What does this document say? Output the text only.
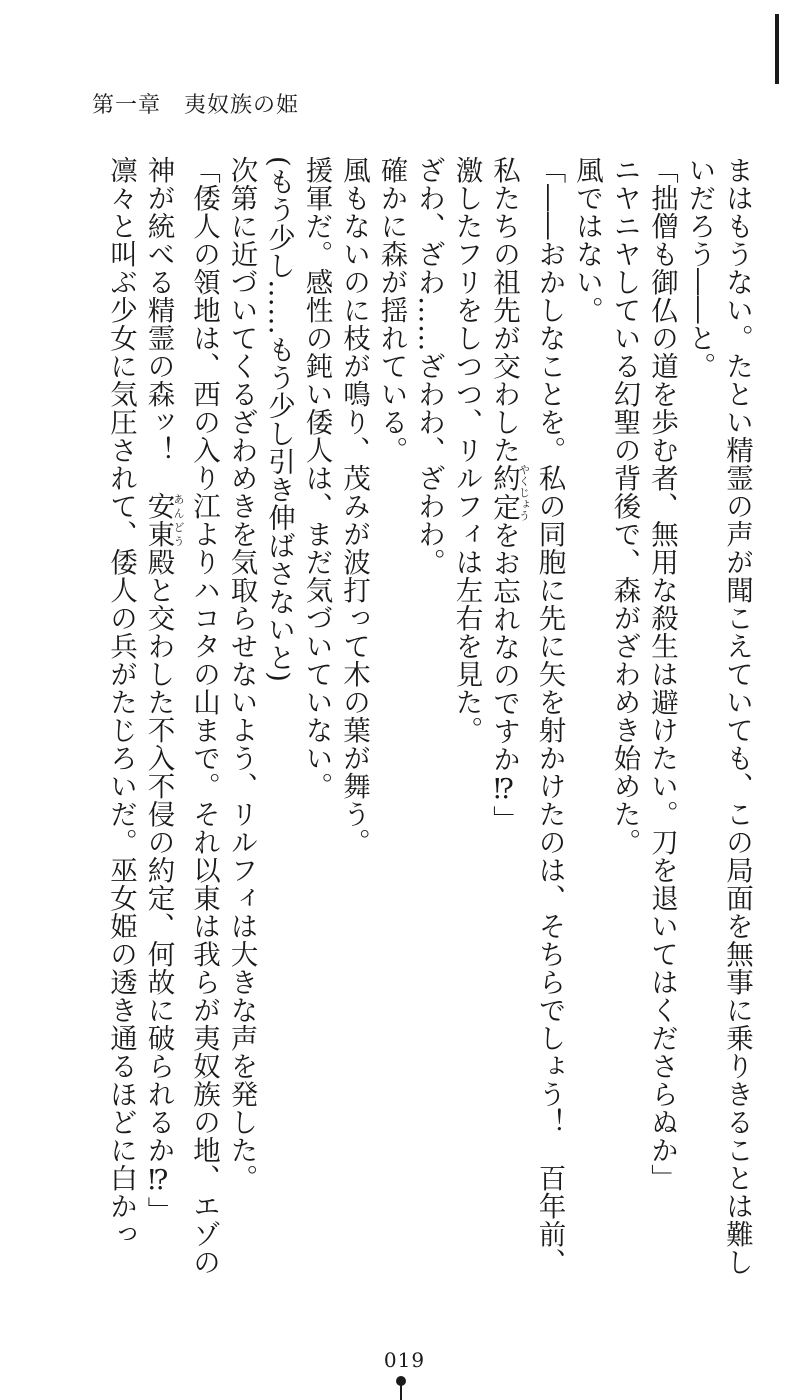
第一章　 夷奴族の姫

まはもうない。たとい精霊の声が聞こえていても、この局面を無事に乗りきることは難し

いだろう――と。

「拙僧も御仏の道を歩む者、無用な殺生は避けたい。刀を退いてはくださらぬか」

ニヤニヤしている幻聖の背後で、森がざわめき始めた。

風ではない。

「――おかしなことを。私の同胞に先に矢を射かけたのは、そちらでしょう！　百年前、

私たちの祖先が交わした約定やくじょうをお忘れなのですか⁉」

激したフリをしつつ、リルフィは左右を見た。

ざわ、ざわ……ざわわ、ざわわ。

確かに森が揺れている。

風もないのに枝が鳴り、茂みが波打って木の葉が舞う。

援軍だ。感性の鈍い倭人は、まだ気づいていない。

(もう少し……もう少し引き伸ばさないと)

次第に近づいてくるざわめきを気取らせないよう、リルフィは大きな声を発した。

「倭人の領地は、西の入り江よりハコタの山まで。それ以東は我らが夷奴族の地、エゾの

神が統べる精霊の森ッ！　安東あんどう殿と交わした不入不侵の約定、何故に破られるか⁉」

凛々と叫ぶ少女に気圧されて、倭人の兵がたじろいだ。巫女姫の透き通るほどに白かっ

019
